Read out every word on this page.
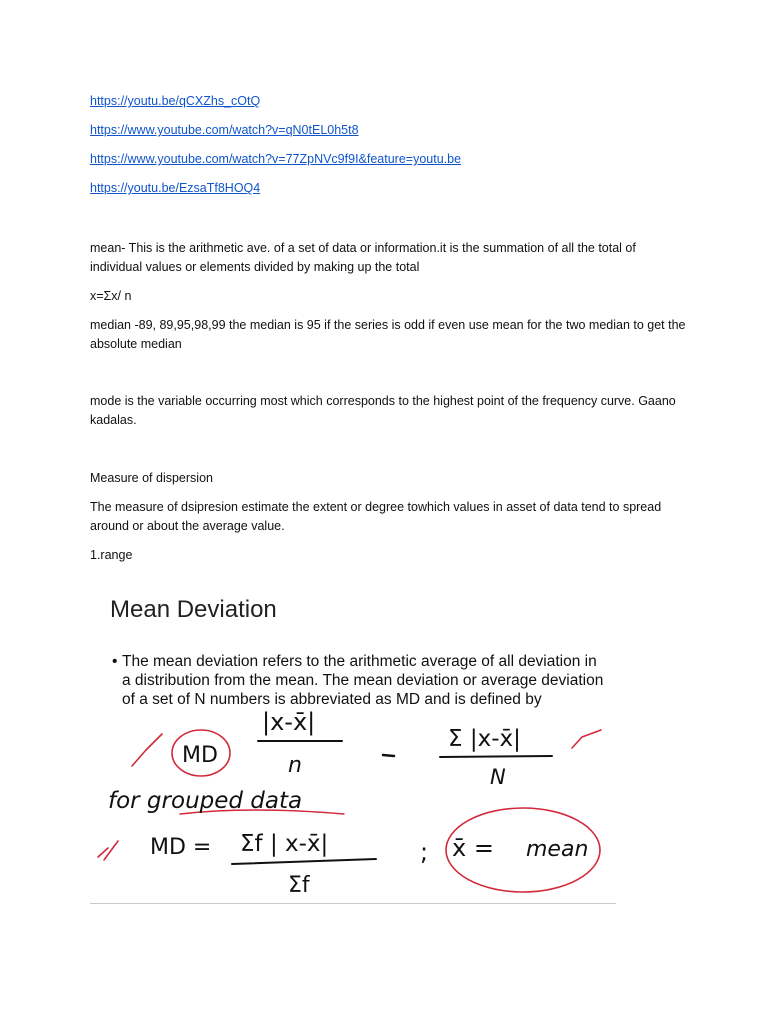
https://youtu.be/qCXZhs_cOtQ
https://www.youtube.com/watch?v=qN0tEL0h5t8
https://www.youtube.com/watch?v=77ZpNVc9f9I&feature=youtu.be
https://youtu.be/EzsaTf8HOQ4

mean- This is the arithmetic ave. of a set of data or information.it is the summation of all the total of individual values or elements divided by making up the total

x=Σx/ n

median -89, 89,95,98,99 the median is 95 if the series is odd if even use mean for the two median to get the absolute median

mode is the variable occurring most which corresponds to the highest point of the frequency curve. Gaano kadalas.

Measure of dispersion

The measure of dsipresion estimate the extent or degree towhich values in asset of data tend to spread around or about the average value.

1.range

Mean Deviation
• The mean deviation refers to the arithmetic average of all deviation in a distribution from the mean. The mean deviation or average deviation of a set of N numbers is abbreviated as MD and is defined by
MD
|x-x̄|
n
Σ |x-x̄|
N
for grouped data
MD = Σf | x-x̄|
Σf
; x̄ = mean
